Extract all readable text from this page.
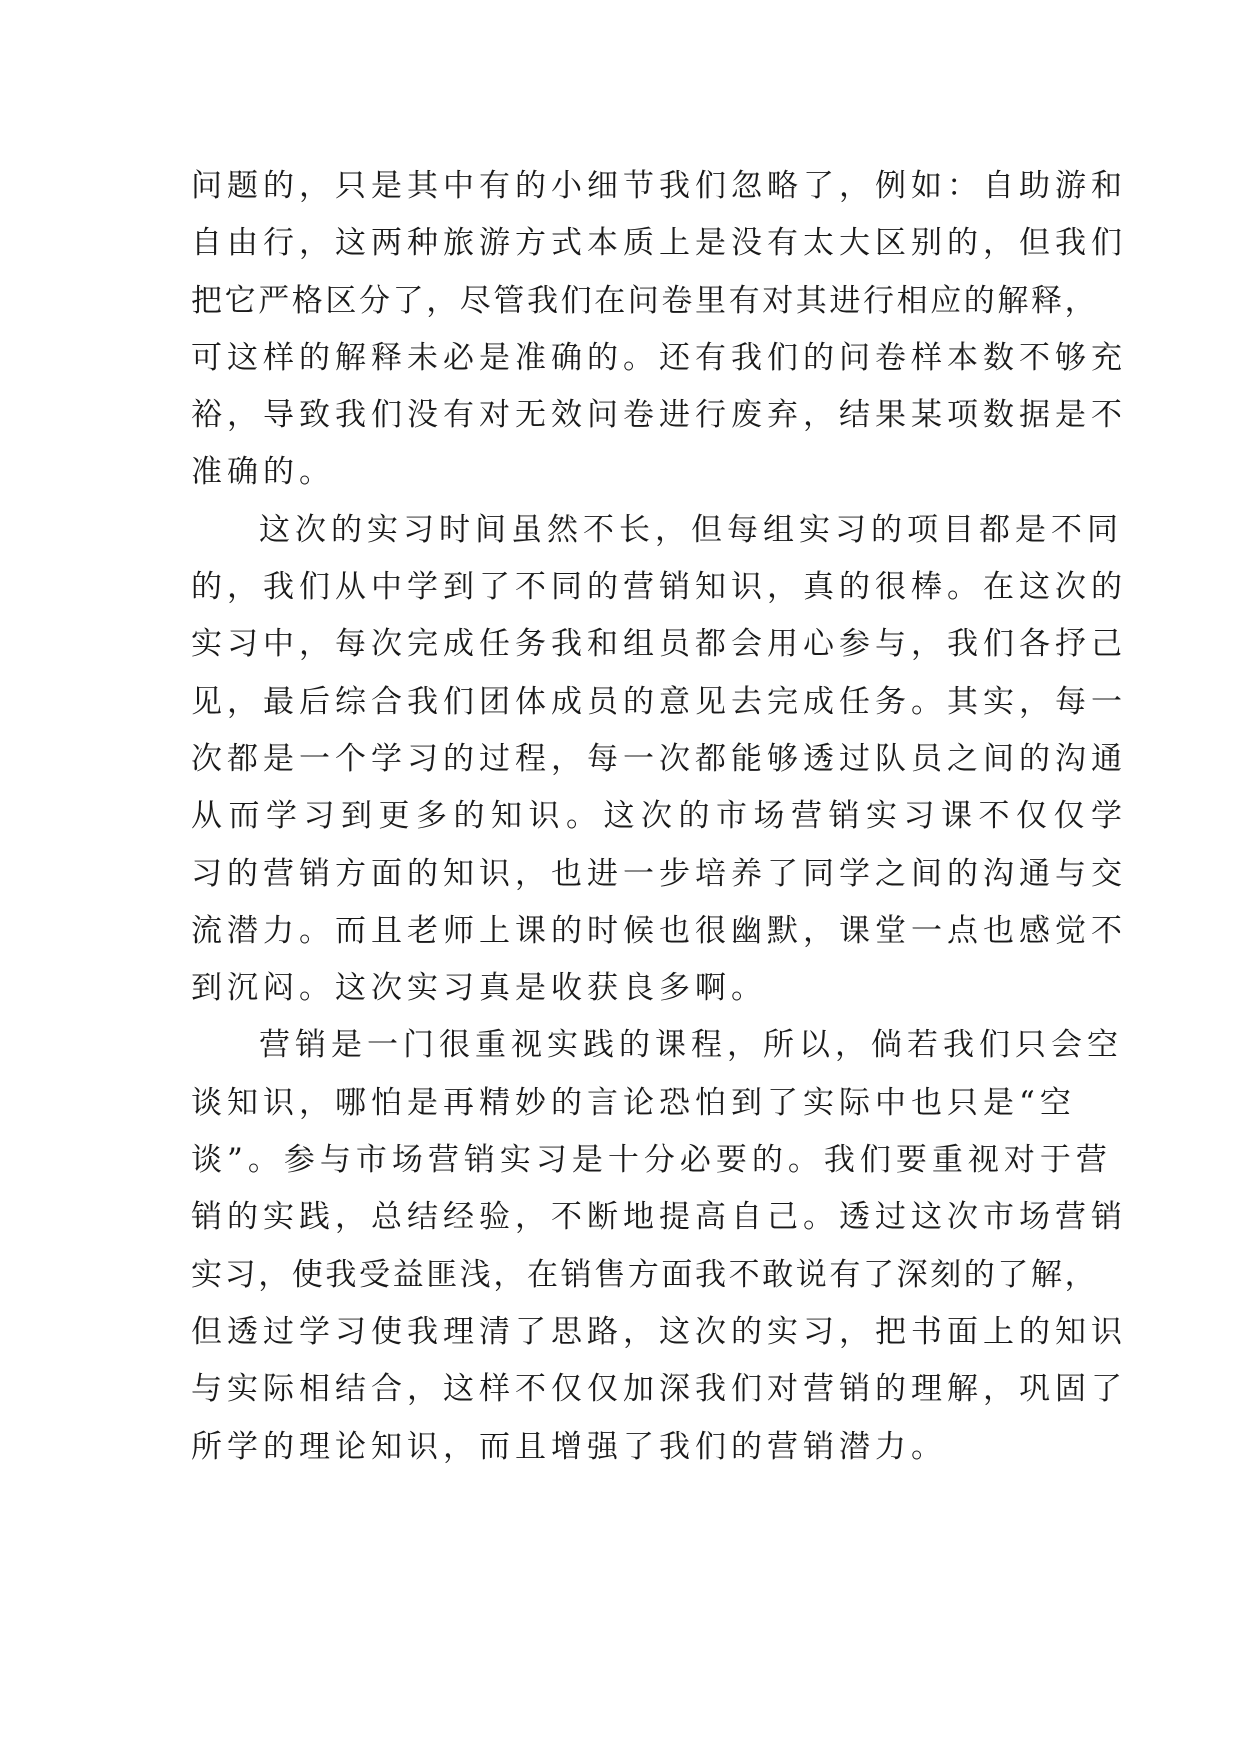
问题的，只是其中有的小细节我们忽略了，例如：自助游和
自由行，这两种旅游方式本质上是没有太大区别的，但我们
把它严格区分了，尽管我们在问卷里有对其进行相应的解释，
可这样的解释未必是准确的。还有我们的问卷样本数不够充
裕，导致我们没有对无效问卷进行废弃，结果某项数据是不
准确的。
这次的实习时间虽然不长，但每组实习的项目都是不同
的，我们从中学到了不同的营销知识，真的很棒。在这次的
实习中，每次完成任务我和组员都会用心参与，我们各抒己
见，最后综合我们团体成员的意见去完成任务。其实，每一
次都是一个学习的过程，每一次都能够透过队员之间的沟通
从而学习到更多的知识。这次的市场营销实习课不仅仅学
习的营销方面的知识，也进一步培养了同学之间的沟通与交
流潜力。而且老师上课的时候也很幽默，课堂一点也感觉不
到沉闷。这次实习真是收获良多啊。
营销是一门很重视实践的课程，所以，倘若我们只会空
谈知识，哪怕是再精妙的言论恐怕到了实际中也只是“空
谈”。参与市场营销实习是十分必要的。我们要重视对于营
销的实践，总结经验，不断地提高自己。透过这次市场营销
实习，使我受益匪浅，在销售方面我不敢说有了深刻的了解，
但透过学习使我理清了思路，这次的实习，把书面上的知识
与实际相结合，这样不仅仅加深我们对营销的理解，巩固了
所学的理论知识，而且增强了我们的营销潜力。
